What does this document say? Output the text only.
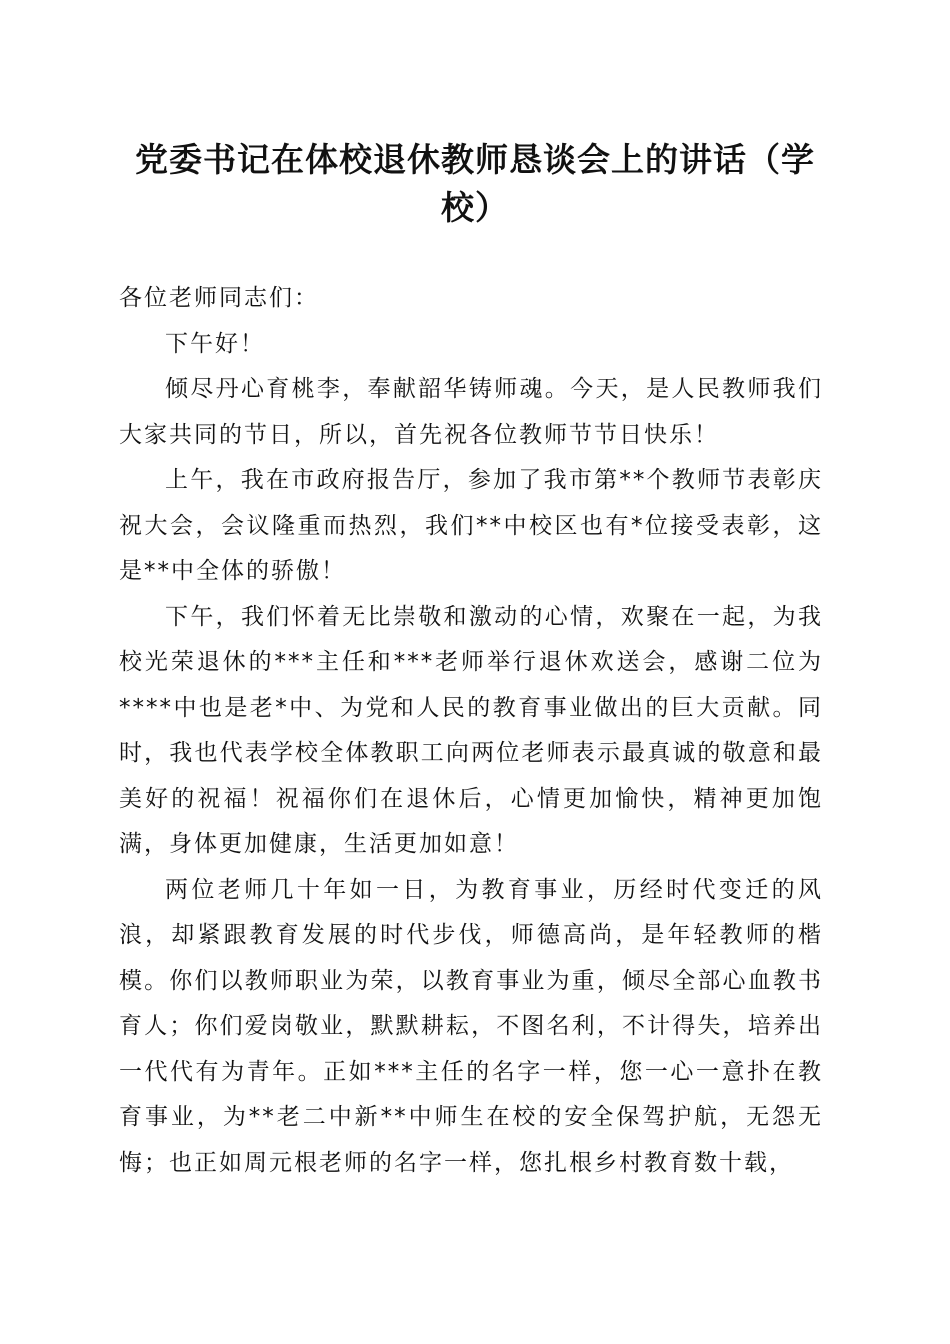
党委书记在体校退休教师恳谈会上的讲话（学校）

各位老师同志们：

下午好！

倾尽丹心育桃李，奉献韶华铸师魂。今天，是人民教师我们大家共同的节日，所以，首先祝各位教师节节日快乐！

上午，我在市政府报告厅，参加了我市第**个教师节表彰庆祝大会，会议隆重而热烈，我们**中校区也有*位接受表彰，这是**中全体的骄傲！

下午，我们怀着无比崇敬和激动的心情，欢聚在一起，为我校光荣退休的***主任和***老师举行退休欢送会，感谢二位为****中也是老*中、为党和人民的教育事业做出的巨大贡献。同时，我也代表学校全体教职工向两位老师表示最真诚的敬意和最美好的祝福！祝福你们在退休后，心情更加愉快，精神更加饱满，身体更加健康，生活更加如意！

两位老师几十年如一日，为教育事业，历经时代变迁的风浪，却紧跟教育发展的时代步伐，师德高尚，是年轻教师的楷模。你们以教师职业为荣，以教育事业为重，倾尽全部心血教书育人；你们爱岗敬业，默默耕耘，不图名利，不计得失，培养出一代代有为青年。正如***主任的名字一样，您一心一意扑在教育事业，为**老二中新**中师生在校的安全保驾护航，无怨无悔；也正如周元根老师的名字一样，您扎根乡村教育数十载，
